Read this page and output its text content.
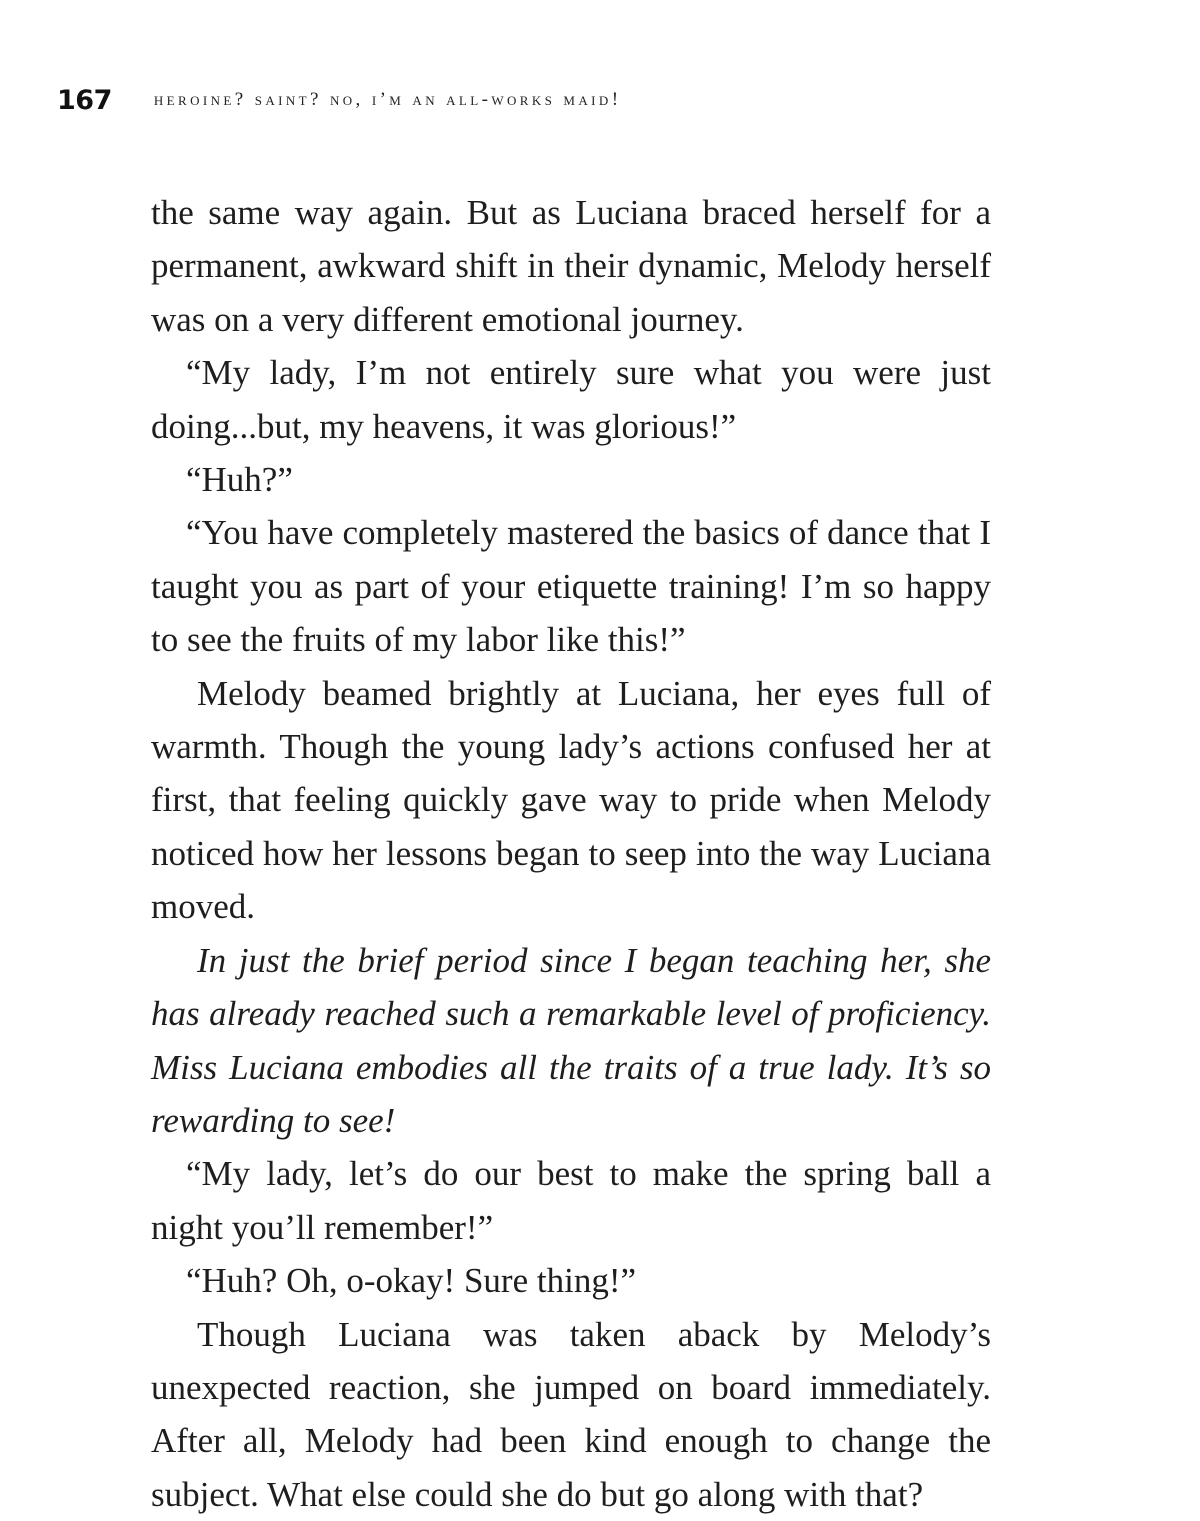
167 heroine? saint? no, i’m an all-works maid!

the same way again. But as Luciana braced herself for a permanent, awkward shift in their dynamic, Melody herself was on a very different emotional journey.

“My lady, I’m not entirely sure what you were just doing...but, my heavens, it was glorious!”

“Huh?”

“You have completely mastered the basics of dance that I taught you as part of your etiquette training! I’m so happy to see the fruits of my labor like this!”

Melody beamed brightly at Luciana, her eyes full of warmth. Though the young lady’s actions confused her at first, that feeling quickly gave way to pride when Melody noticed how her lessons began to seep into the way Luciana moved.

In just the brief period since I began teaching her, she has already reached such a remarkable level of proficiency. Miss Luciana embodies all the traits of a true lady. It’s so rewarding to see!

“My lady, let’s do our best to make the spring ball a night you’ll remember!”

“Huh? Oh, o-okay! Sure thing!”

Though Luciana was taken aback by Melody’s unexpected reaction, she jumped on board immediately. After all, Melody had been kind enough to change the subject. What else could she do but go along with that?
